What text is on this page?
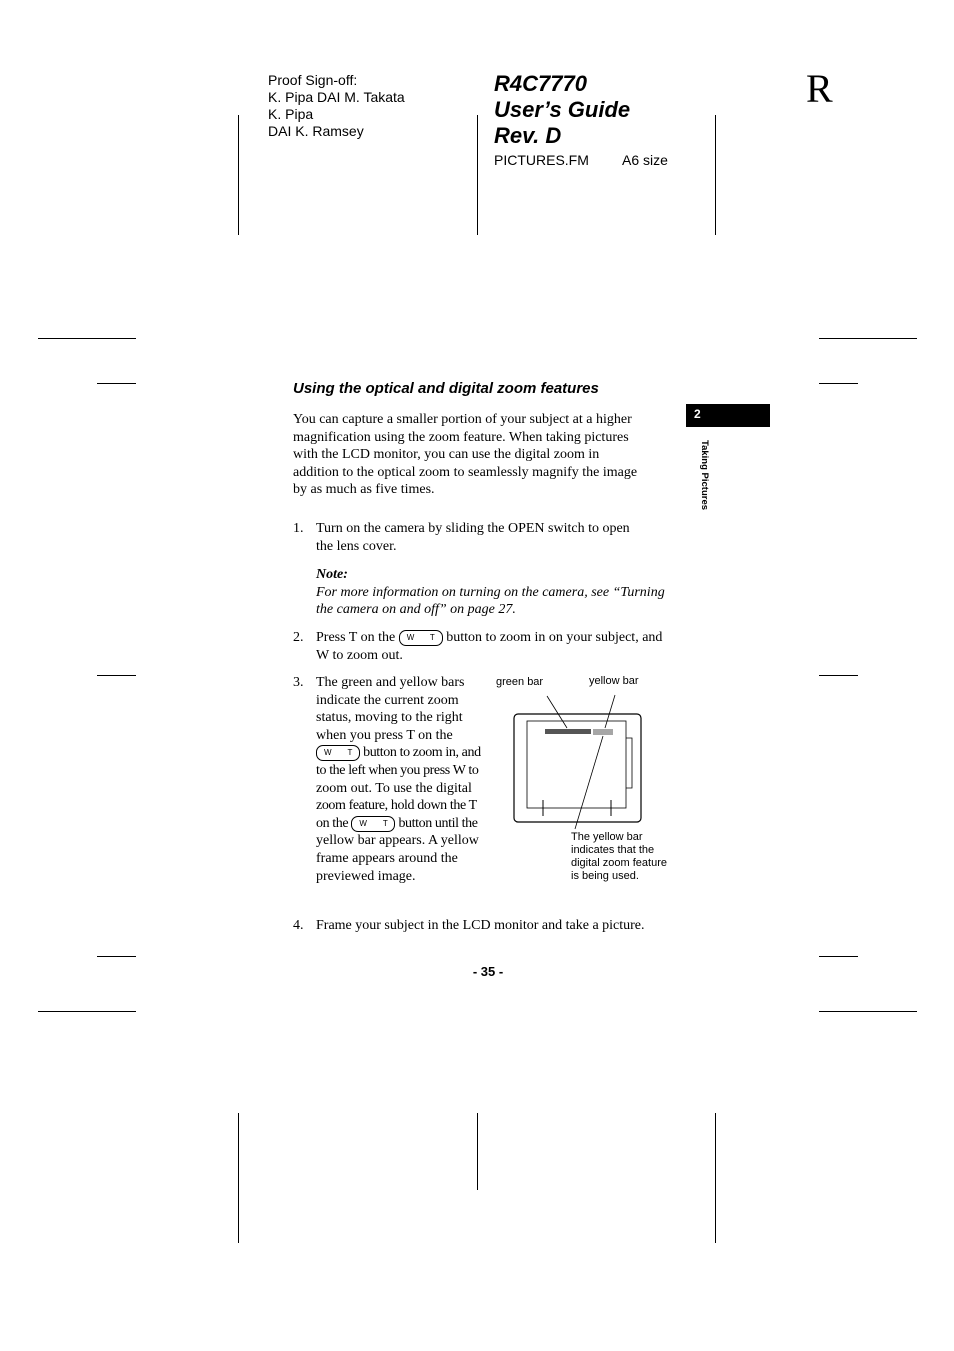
Proof Sign-off:
K. Pipa DAI M. Takata
K. Pipa
DAI K. Ramsey
R4C7770
User’s Guide
Rev. D
PICTURES.FM A6 size
R
2
Taking Pictures
Using the optical and digital zoom features
You can capture a smaller portion of your subject at a higher
magnification using the zoom feature. When taking pictures
with the LCD monitor, you can use the digital zoom in
addition to the optical zoom to seamlessly magnify the image
by as much as five times.
1. Turn on the camera by sliding the OPEN switch to open
the lens cover.
Note:
For more information on turning on the camera, see “Turning
the camera on and off” on page 27.
2. Press T on the W T button to zoom in on your subject, and
W to zoom out.
3. The green and yellow bars
indicate the current zoom
status, moving to the right
when you press T on the
W T button to zoom in, and
to the left when you press W to
zoom out. To use the digital
zoom feature, hold down the T
on the W T button until the
yellow bar appears. A yellow
frame appears around the
previewed image.
green bar	yellow bar
The yellow bar
indicates that the
digital zoom feature
is being used.
4. Frame your subject in the LCD monitor and take a picture.
- 35 -
